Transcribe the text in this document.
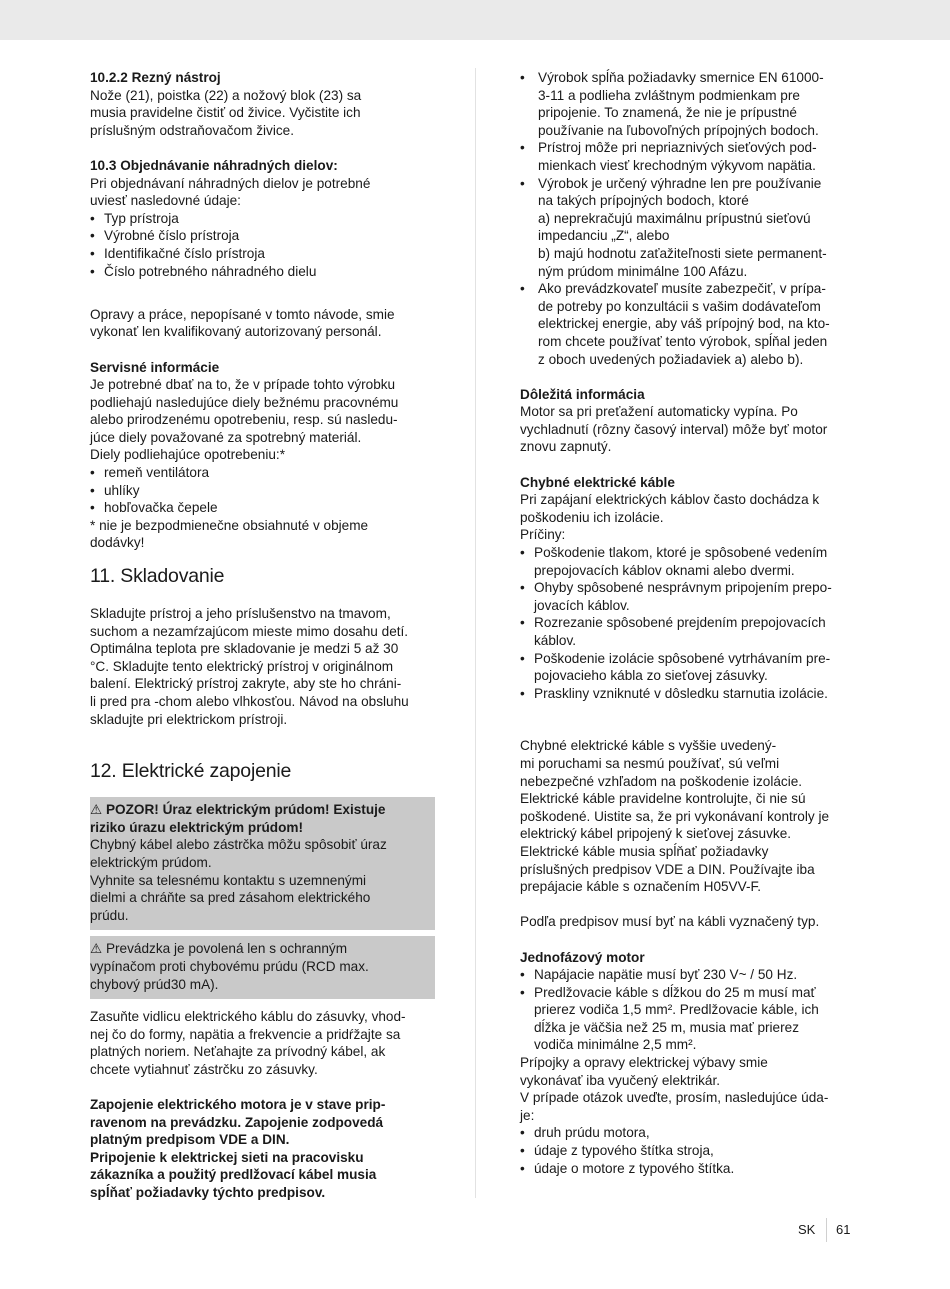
10.2.2 Rezný nástroj

Nože (21), poistka (22) a nožový blok (23) sa
musia pravidelne čistiť od živice. Vyčistite ich
príslušným odstraňovačom živice.

10.3 Objednávanie náhradných dielov:

Pri objednávaní náhradných dielov je potrebné
uviesť nasledovné údaje:

• Typ prístroja
• Výrobné číslo prístroja
• Identifikačné číslo prístroja
• Číslo potrebného náhradného dielu

Opravy a práce, nepopísané v tomto návode, smie
vykonať len kvalifikovaný autorizovaný personál.

Servisné informácie

Je potrebné dbať na to, že v prípade tohto výrobku
podliehajú nasledujúce diely bežnému pracovnému
alebo prirodzenému opotrebeniu, resp. sú nasledu-
júce diely považované za spotrebný materiál.
Diely podliehajúce opotrebeniu:*

• remeň ventilátora
• uhlíky
• hobľovačka čepele

* nie je bezpodmienečne obsiahnuté v objeme
dodávky!

11. Skladovanie

Skladujte prístroj a jeho príslušenstvo na tmavom,
suchom a nezamŕzajúcom mieste mimo dosahu detí.
Optimálna teplota pre skladovanie je medzi 5 až 30
°C. Skladujte tento elektrický prístroj v originálnom
balení. Elektrický prístroj zakryte, aby ste ho chráni-
li pred pra -chom alebo vlhkosťou. Návod na obsluhu
skladujte pri elektrickom prístroji.

12. Elektrické zapojenie

⚠ POZOR! Úraz elektrickým prúdom! Existuje
riziko úrazu elektrickým prúdom!

Chybný kábel alebo zástrčka môžu spôsobiť úraz
elektrickým prúdom.
Vyhnite sa telesnému kontaktu s uzemnenými
dielmi a chráňte sa pred zásahom elektrického
prúdu.

⚠ Prevádzka je povolená len s ochranným
vypínačom proti chybovému prúdu (RCD max.
chybový prúd30 mA).

Zasuňte vidlicu elektrického káblu do zásuvky, vhod-
nej čo do formy, napätia a frekvencie a pridŕžajte sa
platných noriem. Neťahajte za prívodný kábel, ak
chcete vytiahnuť zástrčku zo zásuvky.

Zapojenie elektrického motora je v stave prip-
ravenom na prevádzku. Zapojenie zodpovedá
platným predpisom VDE a DIN.
Pripojenie k elektrickej sieti na pracovisku
zákazníka a použitý predlžovací kábel musia
spĺňať požiadavky týchto predpisov.

• Výrobok spĺňa požiadavky smernice EN 61000-
3-11 a podlieha zvláštnym podmienkam pre
pripojenie. To znamená, že nie je prípustné
používanie na ľubovoľných prípojných bodoch.
• Prístroj môže pri nepriaznivých sieťových pod-
mienkach viesť krechodným výkyvom napätia.
• Výrobok je určený výhradne len pre používanie
na takých prípojných bodoch, ktoré
a) neprekračujú maximálnu prípustnú sieťovú
impedanciu „Z“, alebo
b) majú hodnotu zaťažiteľnosti siete permanent-
ným prúdom minimálne 100 Afázu.
• Ako prevádzkovateľ musíte zabezpečiť, v prípa-
de potreby po konzultácii s vašim dodávateľom
elektrickej energie, aby váš prípojný bod, na kto-
rom chcete používať tento výrobok, spĺňal jeden
z oboch uvedených požiadaviek a) alebo b).

Dôležitá informácia

Motor sa pri preťažení automaticky vypína. Po
vychladnutí (rôzny časový interval) môže byť motor
znovu zapnutý.

Chybné elektrické káble

Pri zapájaní elektrických káblov často dochádza k
poškodeniu ich izolácie.
Príčiny:

• Poškodenie tlakom, ktoré je spôsobené vedením
prepojovacích káblov oknami alebo dvermi.
• Ohyby spôsobené nesprávnym pripojením prepo-
jovacích káblov.
• Rozrezanie spôsobené prejdením prepojovacích
káblov.
• Poškodenie izolácie spôsobené vytrhávaním pre-
pojovacieho kábla zo sieťovej zásuvky.
• Praskliny vzniknuté v dôsledku starnutia izolácie.

Chybné elektrické káble s vyššie uvedený-
mi poruchami sa nesmú používať, sú veľmi
nebezpečné vzhľadom na poškodenie izolácie.
Elektrické káble pravidelne kontrolujte, či nie sú
poškodené. Uistite sa, že pri vykonávaní kontroly je
elektrický kábel pripojený k sieťovej zásuvke.
Elektrické káble musia spĺňať požiadavky
príslušných predpisov VDE a DIN. Používajte iba
prepájacie káble s označením H05VV-F.

Podľa predpisov musí byť na kábli vyznačený typ.

Jednofázový motor

• Napájacie napätie musí byť 230 V~ / 50 Hz.
• Predlžovacie káble s dĺžkou do 25 m musí mať
prierez vodiča 1,5 mm². Predlžovacie káble, ich
dĺžka je väčšia než 25 m, musia mať prierez
vodiča minimálne 2,5 mm².

Prípojky a opravy elektrickej výbavy smie
vykonávať iba vyučený elektrikár.
V prípade otázok uveďte, prosím, nasledujúce úda-
je:

• druh prúdu motora,
• údaje z typového štítka stroja,
• údaje o motore z typového štítka.
SK 61
